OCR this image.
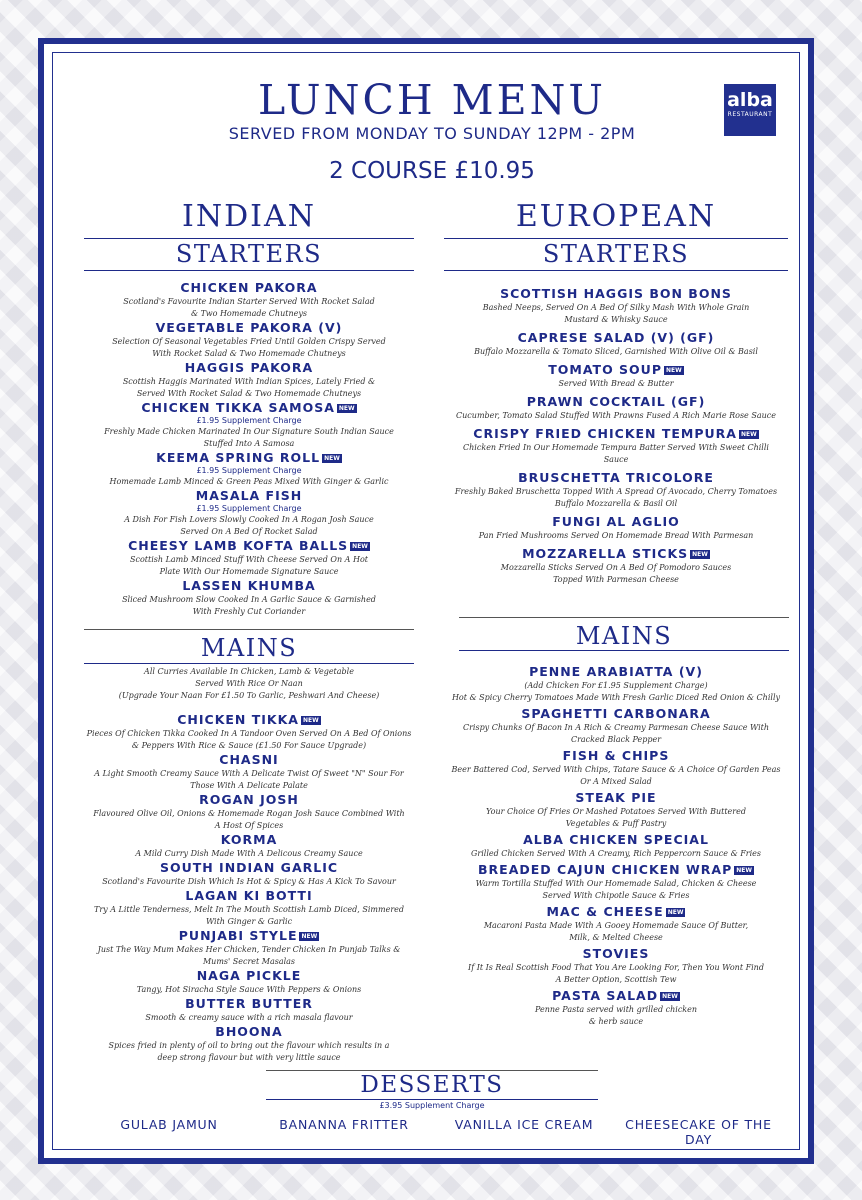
LUNCH MENU
SERVED FROM MONDAY TO SUNDAY 12PM - 2PM
2 COURSE £10.95
alba
RESTAURANT
INDIAN
STARTERS
EUROPEAN
STARTERS
CHICKEN PAKORA
Scotland's Favourite Indian Starter Served With Rocket Salad
& Two Homemade Chutneys
VEGETABLE PAKORA (V)
Selection Of Seasonal Vegetables Fried Until Golden Crispy Served
With Rocket Salad & Two Homemade Chutneys
HAGGIS PAKORA
Scottish Haggis Marinated With Indian Spices, Lately Fried &
Served With Rocket Salad & Two Homemade Chutneys
CHICKEN TIKKA SAMOSA NEW
£1.95 Supplement Charge
Freshly Made Chicken Marinated In Our Signature South Indian Sauce
Stuffed Into A Samosa
KEEMA SPRING ROLL NEW
£1.95 Supplement Charge
Homemade Lamb Minced & Green Peas Mixed With Ginger & Garlic
MASALA FISH
£1.95 Supplement Charge
A Dish For Fish Lovers Slowly Cooked In A Rogan Josh Sauce
Served On A Bed Of Rocket Salad
CHEESY LAMB KOFTA BALLS NEW
Scottish Lamb Minced Stuff With Cheese Served On A Hot
Plate With Our Homemade Signature Sauce
LASSEN KHUMBA
Sliced Mushroom Slow Cooked In A Garlic Sauce & Garnished
With Freshly Cut Coriander
SCOTTISH HAGGIS BON BONS
Bashed Neeps, Served On A Bed Of Silky Mash With Whole Grain
Mustard & Whisky Sauce
CAPRESE SALAD (V) (GF)
Buffalo Mozzarella & Tomato Sliced, Garnished With Olive Oil & Basil
TOMATO SOUP NEW
Served With Bread & Butter
PRAWN COCKTAIL (GF)
Cucumber, Tomato Salad Stuffed With Prawns Fused A Rich Marie Rose Sauce
CRISPY FRIED CHICKEN TEMPURA NEW
Chicken Fried In Our Homemade Tempura Batter Served With Sweet Chilli
Sauce
BRUSCHETTA TRICOLORE
Freshly Baked Bruschetta Topped With A Spread Of Avocado, Cherry Tomatoes
Buffalo Mozzarella & Basil Oil
FUNGI AL AGLIO
Pan Fried Mushrooms Served On Homemade Bread With Parmesan
MOZZARELLA STICKS NEW
Mozzarella Sticks Served On A Bed Of Pomodoro Sauces
Topped With Parmesan Cheese
MAINS
All Curries Available In Chicken, Lamb & Vegetable
Served With Rice Or Naan
(Upgrade Your Naan For £1.50 To Garlic, Peshwari And Cheese)
CHICKEN TIKKA NEW
Pieces Of Chicken Tikka Cooked In A Tandoor Oven Served On A Bed Of Onions
& Peppers With Rice & Sauce (£1.50 For Sauce Upgrade)
CHASNI
A Light Smooth Creamy Sauce With A Delicate Twist Of Sweet "N" Sour For
Those With A Delicate Palate
ROGAN JOSH
Flavoured Olive Oil, Onions & Homemade Rogan Josh Sauce Combined With
A Host Of Spices
KORMA
A Mild Curry Dish Made With A Delicous Creamy Sauce
SOUTH INDIAN GARLIC
Scotland's Favourite Dish Which Is Hot & Spicy & Has A Kick To Savour
LAGAN KI BOTTI
Try A Little Tenderness, Melt In The Mouth Scottish Lamb Diced, Simmered
With Ginger & Garlic
PUNJABI STYLE NEW
Just The Way Mum Makes Her Chicken, Tender Chicken In Punjab Talks &
Mums' Secret Masalas
NAGA PICKLE
Tangy, Hot Siracha Style Sauce With Peppers & Onions
BUTTER BUTTER
Smooth & creamy sauce with a rich masala flavour
BHOONA
Spices fried in plenty of oil to bring out the flavour which results in a
deep strong flavour but with very little sauce
MAINS
PENNE ARABIATTA (V)
(Add Chicken For £1.95 Supplement Charge)
Hot & Spicy Cherry Tomatoes Made With Fresh Garlic Diced Red Onion & Chilly
SPAGHETTI CARBONARA
Crispy Chunks Of Bacon In A Rich & Creamy Parmesan Cheese Sauce With
Cracked Black Pepper
FISH & CHIPS
Beer Battered Cod, Served With Chips, Tatare Sauce & A Choice Of Garden Peas
Or A Mixed Salad
STEAK PIE
Your Choice Of Fries Or Mashed Potatoes Served With Buttered
Vegetables & Puff Pastry
ALBA CHICKEN SPECIAL
Grilled Chicken Served With A Creamy, Rich Peppercorn Sauce & Fries
BREADED CAJUN CHICKEN WRAP NEW
Warm Tortilla Stuffed With Our Homemade Salad, Chicken & Cheese
Served With Chipotle Sauce & Fries
MAC & CHEESE NEW
Macaroni Pasta Made With A Gooey Homemade Sauce Of Butter,
Milk, & Melted Cheese
STOVIES
If It Is Real Scottish Food That You Are Looking For, Then You Wont Find
A Better Option, Scottish Tew
PASTA SALAD NEW
Penne Pasta served with grilled chicken
& herb sauce
DESSERTS
£3.95 Supplement Charge
GULAB JAMUN	BANANNA FRITTER	VANILLA ICE CREAM	CHEESECAKE OF THE DAY
